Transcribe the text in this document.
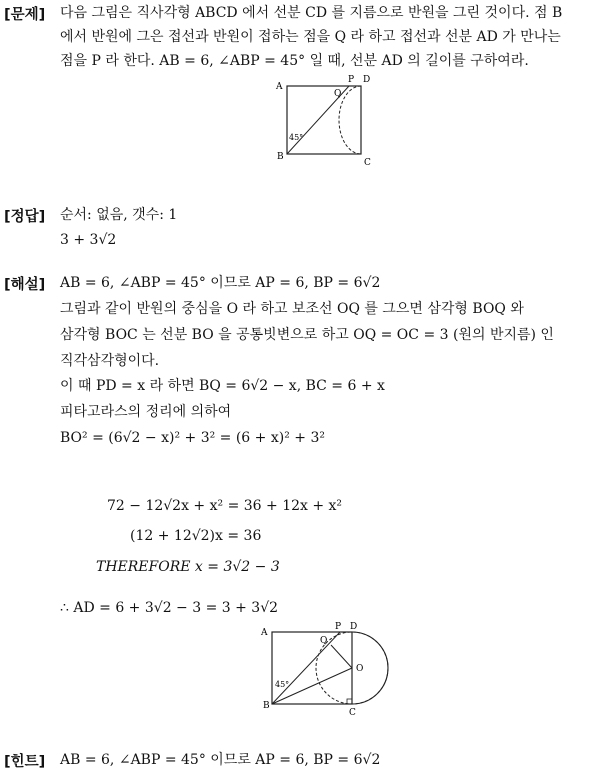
[문제] 다음 그림은 직사각형 ABCD 에서 선분 CD 를 지름으로 반원을 그린 것이다. 점 B
에서 반원에 그은 접선과 반원이 접하는 점을 Q 라 하고 접선과 선분 AD 가 만나는
점을 P 라 한다. AB = 6, ∠ABP = 45° 일 때, 선분 AD 의 길이를 구하여라.
A
P D
Q
B
C
45°
[정답] 순서: 없음, 갯수: 1
3 + 3√2
[해설] AB = 6, ∠ABP = 45° 이므로 AP = 6, BP = 6√2
그림과 같이 반원의 중심을 O 라 하고 보조선 OQ 를 그으면 삼각형 BOQ 와
삼각형 BOC 는 선분 BO 을 공통빗변으로 하고 OQ = OC = 3 (원의 반지름) 인
직각삼각형이다.
이 때 PD = x 라 하면 BQ = 6√2 − x, BC = 6 + x
피타고라스의 정리에 의하여
BO² = (6√2 − x)² + 3² = (6 + x)² + 3²
72 − 12√2x + x² = 36 + 12x + x²
(12 + 12√2)x = 36
THEREFORE x = 3√2 − 3
∴ AD = 6 + 3√2 − 3 = 3 + 3√2
A
P D
Q
O
B
C
45°
[힌트] AB = 6, ∠ABP = 45° 이므로 AP = 6, BP = 6√2
